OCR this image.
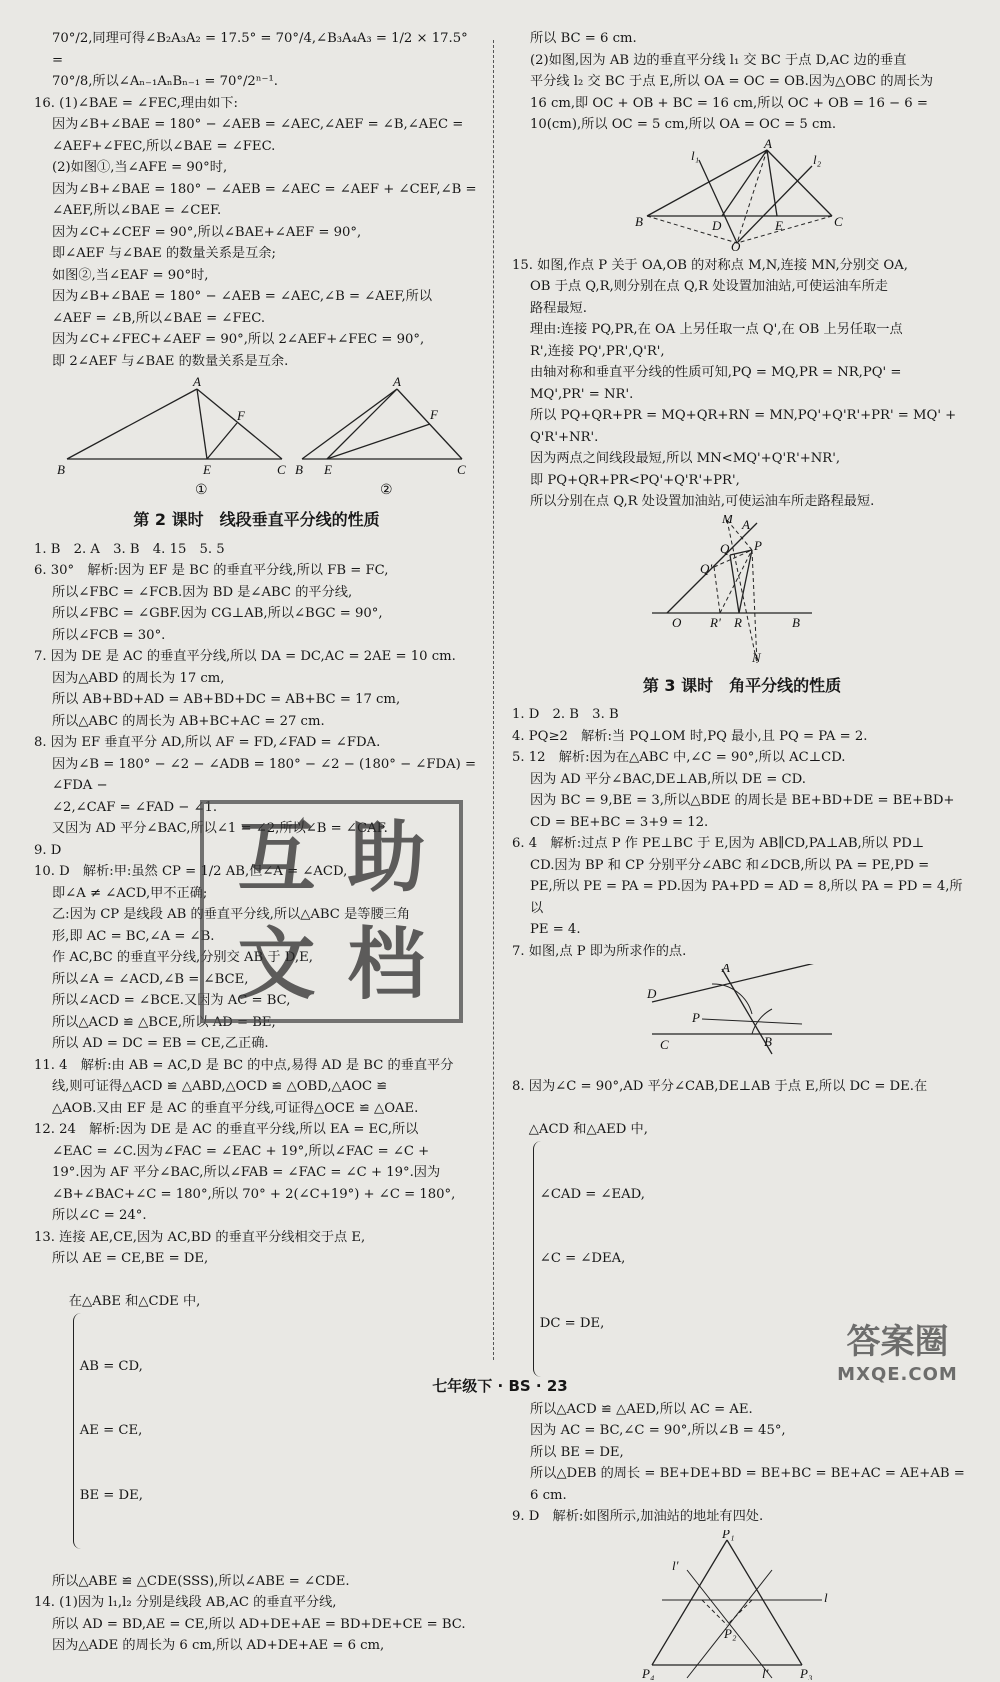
70°/2,同理可得∠B₂A₃A₂ = 17.5° = 70°/4,∠B₃A₄A₃ = 1/2 × 17.5° =
70°/8,所以∠Aₙ₋₁AₙBₙ₋₁ = 70°/2ⁿ⁻¹.
16. (1)∠BAE = ∠FEC,理由如下:
因为∠B+∠BAE = 180° − ∠AEB = ∠AEC,∠AEF = ∠B,∠AEC =
∠AEF+∠FEC,所以∠BAE = ∠FEC.
(2)如图①,当∠AFE = 90°时,
因为∠B+∠BAE = 180° − ∠AEB = ∠AEC = ∠AEF + ∠CEF,∠B =
∠AEF,所以∠BAE = ∠CEF.
因为∠C+∠CEF = 90°,所以∠BAE+∠AEF = 90°,
即∠AEF 与∠BAE 的数量关系是互余;
如图②,当∠EAF = 90°时,
因为∠B+∠BAE = 180° − ∠AEB = ∠AEC,∠B = ∠AEF,所以
∠AEF = ∠B,所以∠BAE = ∠FEC.
因为∠C+∠FEC+∠AEF = 90°,所以 2∠AEF+∠FEC = 90°,
即 2∠AEF 与∠BAE 的数量关系是互余.
A
B	C
E
F
①
A
B	C
E
F
②
第 2 课时　线段垂直平分线的性质
1. B　2. A　3. B　4. 15　5. 5
6. 30°　解析:因为 EF 是 BC 的垂直平分线,所以 FB = FC,
所以∠FBC = ∠FCB.因为 BD 是∠ABC 的平分线,
所以∠FBC = ∠GBF.因为 CG⊥AB,所以∠BGC = 90°,
所以∠FCB = 30°.
7. 因为 DE 是 AC 的垂直平分线,所以 DA = DC,AC = 2AE = 10 cm.
因为△ABD 的周长为 17 cm,
所以 AB+BD+AD = AB+BD+DC = AB+BC = 17 cm,
所以△ABC 的周长为 AB+BC+AC = 27 cm.
8. 因为 EF 垂直平分 AD,所以 AF = FD,∠FAD = ∠FDA.
因为∠B = 180° − ∠2 − ∠ADB = 180° − ∠2 − (180° − ∠FDA) = ∠FDA −
∠2,∠CAF = ∠FAD − ∠1.
又因为 AD 平分∠BAC,所以∠1 = ∠2,所以∠B = ∠CAF.
9. D
10. D　解析:甲:虽然 CP = 1/2 AB,但∠A = ∠ACD,
即∠A ≠ ∠ACD,甲不正确;
乙:因为 CP 是线段 AB 的垂直平分线,所以△ABC 是等腰三角
形,即 AC = BC,∠A = ∠B.
作 AC,BC 的垂直平分线,分别交 AB 于 D,E,
所以∠A = ∠ACD,∠B = ∠BCE,
所以∠ACD = ∠BCE.又因为 AC = BC,
所以△ACD ≌ △BCE,所以 AD = BE,
所以 AD = DC = EB = CE,乙正确.
11. 4　解析:由 AB = AC,D 是 BC 的中点,易得 AD 是 BC 的垂直平分
线,则可证得△ACD ≌ △ABD,△OCD ≌ △OBD,△AOC ≌
△AOB.又由 EF 是 AC 的垂直平分线,可证得△OCE ≌ △OAE.
12. 24　解析:因为 DE 是 AC 的垂直平分线,所以 EA = EC,所以
∠EAC = ∠C.因为∠FAC = ∠EAC + 19°,所以∠FAC = ∠C +
19°.因为 AF 平分∠BAC,所以∠FAB = ∠FAC = ∠C + 19°.因为
∠B+∠BAC+∠C = 180°,所以 70° + 2(∠C+19°) + ∠C = 180°,
所以∠C = 24°.
13. 连接 AE,CE,因为 AC,BD 的垂直平分线相交于点 E,
所以 AE = CE,BE = DE,

在△ABE 和△CDE 中,

AB = CD,

AE = CE,

BE = DE,

所以△ABE ≌ △CDE(SSS),所以∠ABE = ∠CDE.
14. (1)因为 l₁,l₂ 分别是线段 AB,AC 的垂直平分线,
所以 AD = BD,AE = CE,所以 AD+DE+AE = BD+DE+CE = BC.
因为△ADE 的周长为 6 cm,所以 AD+DE+AE = 6 cm,
所以 BC = 6 cm.
(2)如图,因为 AB 边的垂直平分线 l₁ 交 BC 于点 D,AC 边的垂直
平分线 l₂ 交 BC 于点 E,所以 OA = OC = OB.因为△OBC 的周长为
16 cm,即 OC + OB + BC = 16 cm,所以 OC + OB = 16 − 6 =
10(cm),所以 OC = 5 cm,所以 OA = OC = 5 cm.
A
B	C
D	E
O
l₁	l₂
15. 如图,作点 P 关于 OA,OB 的对称点 M,N,连接 MN,分别交 OA,
OB 于点 Q,R,则分别在点 Q,R 处设置加油站,可使运油车所走
路程最短.
理由:连接 PQ,PR,在 OA 上另任取一点 Q',在 OB 上另任取一点
R',连接 PQ',PR',Q'R',
由轴对称和垂直平分线的性质可知,PQ = MQ,PR = NR,PQ' =
MQ',PR' = NR'.
所以 PQ+QR+PR = MQ+QR+RN = MN,PQ'+Q'R'+PR' = MQ' +
Q'R'+NR'.
因为两点之间线段最短,所以 MN<MQ'+Q'R'+NR',
即 PQ+QR+PR<PQ'+Q'R'+PR',
所以分别在点 Q,R 处设置加油站,可使运油车所走路程最短.
M A
P
Q
Q'
O R' R	B
N
第 3 课时　角平分线的性质
1. D　2. B　3. B
4. PQ≥2　解析:当 PQ⊥OM 时,PQ 最小,且 PQ = PA = 2.
5. 12　解析:因为在△ABC 中,∠C = 90°,所以 AC⊥CD.
因为 AD 平分∠BAC,DE⊥AB,所以 DE = CD.
因为 BC = 9,BE = 3,所以△BDE 的周长是 BE+BD+DE = BE+BD+
CD = BE+BC = 3+9 = 12.
6. 4　解析:过点 P 作 PE⊥BC 于 E,因为 AB∥CD,PA⊥AB,所以 PD⊥
CD.因为 BP 和 CP 分别平分∠ABC 和∠DCB,所以 PA = PE,PD =
PE,所以 PE = PA = PD.因为 PA+PD = AD = 8,所以 PA = PD = 4,所以
PE = 4.
7. 如图,点 P 即为所求作的点.
A
D
P
B
C
8. 因为∠C = 90°,AD 平分∠CAB,DE⊥AB 于点 E,所以 DC = DE.在

△ACD 和△AED 中,

∠CAD = ∠EAD,

∠C = ∠DEA,

DC = DE,

所以△ACD ≌ △AED,所以 AC = AE.
因为 AC = BC,∠C = 90°,所以∠B = 45°,
所以 BE = DE,
所以△DEB 的周长 = BE+DE+BD = BE+BC = BE+AC = AE+AB = 6 cm.
9. D　解析:如图所示,加油站的地址有四处.
P₁
P₂
P₃
P₄
l
l'
l'
互 助
文 档
七年级下 · BS · 23
答案圈
MXQE.COM
